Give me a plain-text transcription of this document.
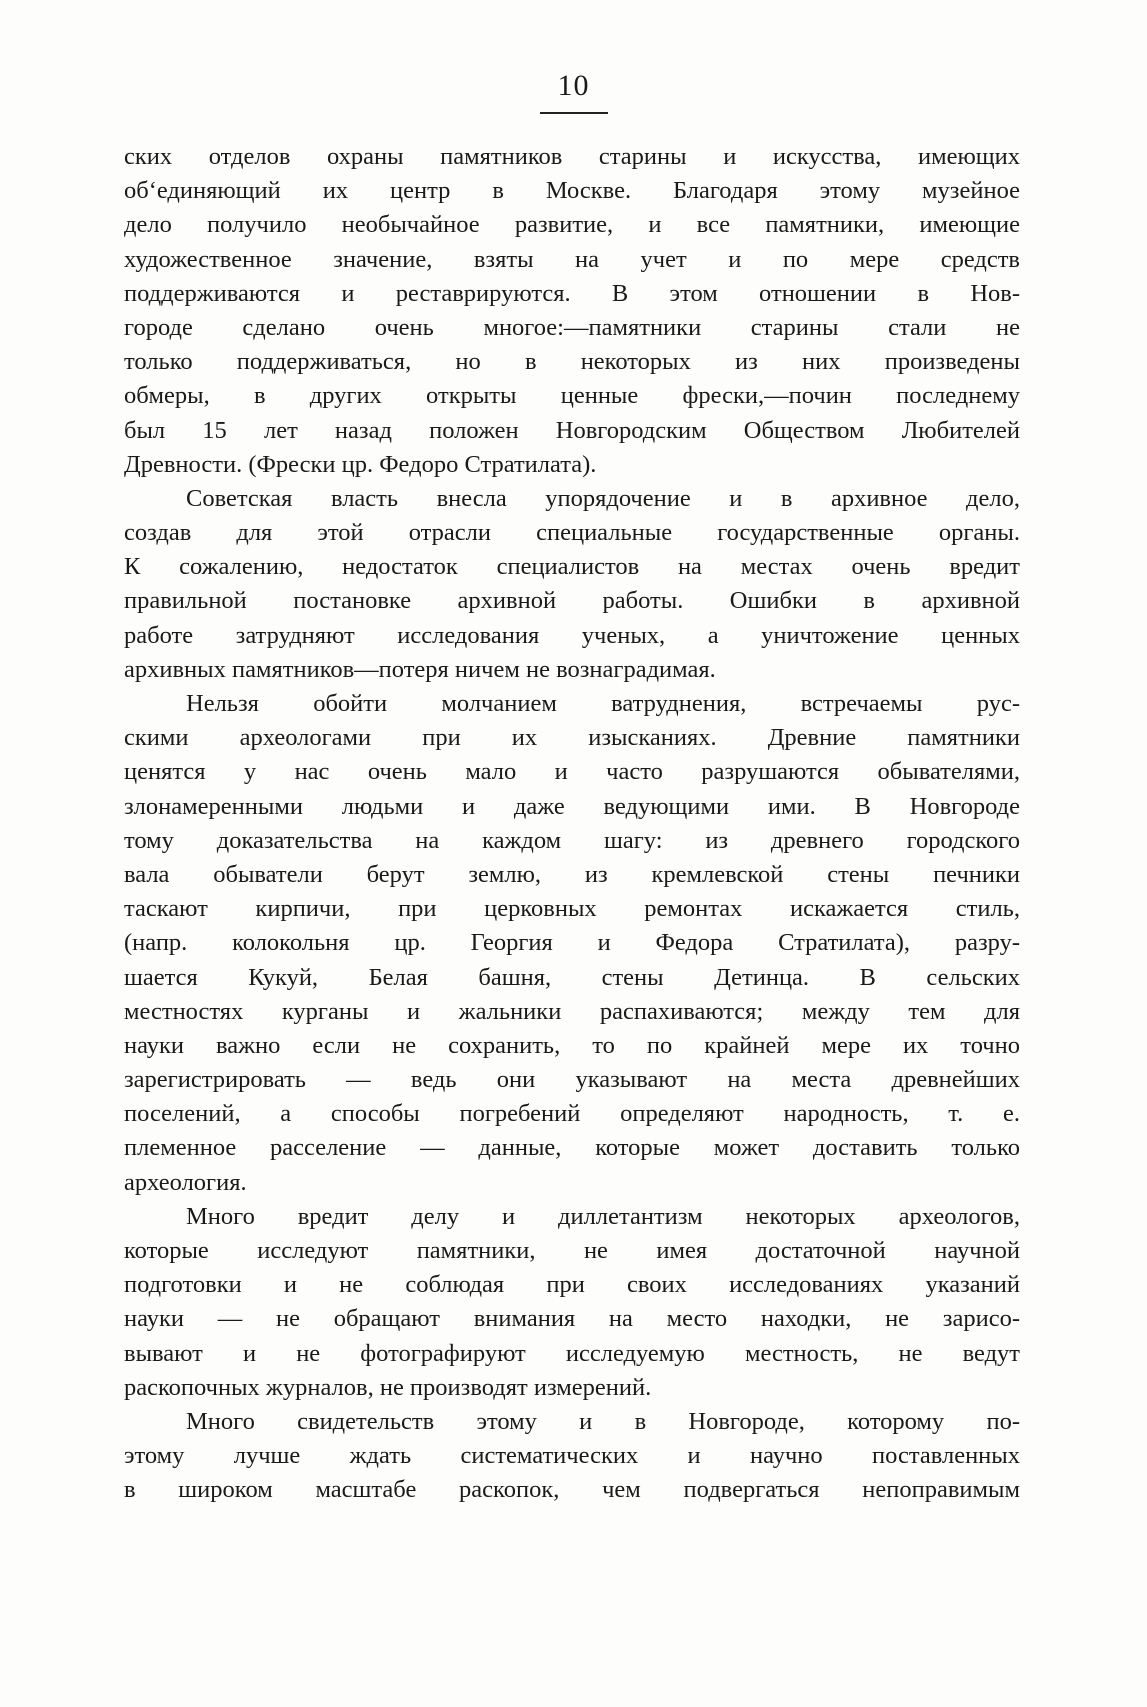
10
ских отделов охраны памятников старины и искусства, имеющих
об‘единяющий их центр в Москве. Благодаря этому музейное
дело получило необычайное развитие, и все памятники, имеющие
художественное значение, взяты на учет и по мере средств
поддерживаются и реставрируются. В этом отношении в Нов-
городе сделано очень многое:—памятники старины стали не
только поддерживаться, но в некоторых из них произведены
обмеры, в других открыты ценные фрески,—почин последнему
был 15 лет назад положен Новгородским Обществом Любителей
Древности. (Фрески цр. Федоро Стратилата).
Советская власть внесла упорядочение и в архивное дело,
создав для этой отрасли специальные государственные органы.
К сожалению, недостаток специалистов на местах очень вредит
правильной постановке архивной работы. Ошибки в архивной
работе затрудняют исследования ученых, а уничтожение ценных
архивных памятников—потеря ничем не вознаградимая.
Нельзя обойти молчанием ватруднения, встречаемы рус-
скими археологами при их изысканиях. Древние памятники
ценятся у нас очень мало и часто разрушаются обывателями,
злонамеренными людьми и даже ведующими ими. В Новгороде
тому доказательства на каждом шагу: из древнего городского
вала обыватели берут землю, из кремлевской стены печники
таскают кирпичи, при церковных ремонтах искажается стиль,
(напр. колокольня цр. Георгия и Федора Стратилата), разру-
шается Кукуй, Белая башня, стены Детинца. В сельских
местностях курганы и жальники распахиваются; между тем для
науки важно если не сохранить, то по крайней мере их точно
зарегистрировать — ведь они указывают на места древнейших
поселений, а способы погребений определяют народность, т. е.
племенное расселение — данные, которые может доставить только
археология.
Много вредит делу и диллетантизм некоторых археологов,
которые исследуют памятники, не имея достаточной научной
подготовки и не соблюдая при своих исследованиях указаний
науки — не обращают внимания на место находки, не зарисо-
вывают и не фотографируют исследуемую местность, не ведут
раскопочных журналов, не производят измерений.
Много свидетельств этому и в Новгороде, которому по-
этому лучше ждать систематических и научно поставленных
в широком масштабе раскопок, чем подвергаться непоправимым
